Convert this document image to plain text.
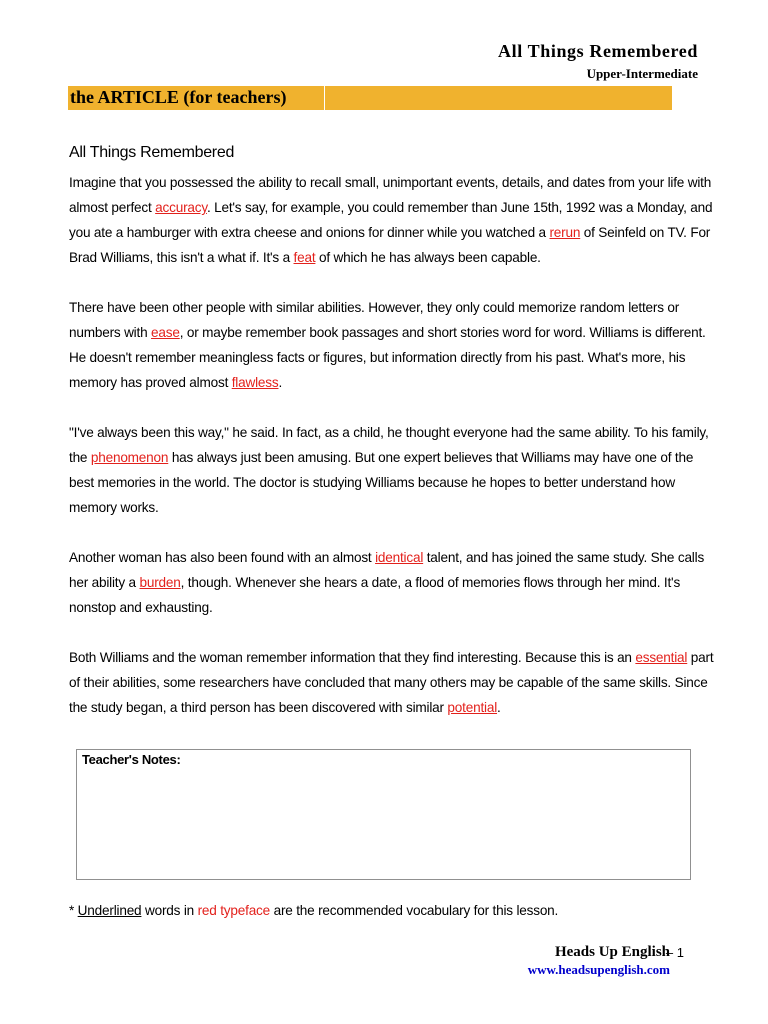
All Things Remembered
Upper-Intermediate
the ARTICLE (for teachers)
All Things Remembered
Imagine that you possessed the ability to recall small, unimportant events, details, and dates from your life with
almost perfect accuracy. Let's say, for example, you could remember than June 15th, 1992 was a Monday, and
you ate a hamburger with extra cheese and onions for dinner while you watched a rerun of Seinfeld on TV. For
Brad Williams, this isn't a what if. It's a feat of which he has always been capable.
There have been other people with similar abilities. However, they only could memorize random letters or
numbers with ease, or maybe remember book passages and short stories word for word. Williams is different.
He doesn't remember meaningless facts or figures, but information directly from his past. What's more, his
memory has proved almost flawless.
"I've always been this way," he said. In fact, as a child, he thought everyone had the same ability. To his family,
the phenomenon has always just been amusing. But one expert believes that Williams may have one of the
best memories in the world. The doctor is studying Williams because he hopes to better understand how
memory works.
Another woman has also been found with an almost identical talent, and has joined the same study. She calls
her ability a burden, though. Whenever she hears a date, a flood of memories flows through her mind. It's
nonstop and exhausting.
Both Williams and the woman remember information that they find interesting. Because this is an essential part
of their abilities, some researchers have concluded that many others may be capable of the same skills. Since
the study began, a third person has been discovered with similar potential.
Teacher's Notes:
* Underlined words in red typeface are the recommended vocabulary for this lesson.
Heads Up English
– 1
www.headsupenglish.com
